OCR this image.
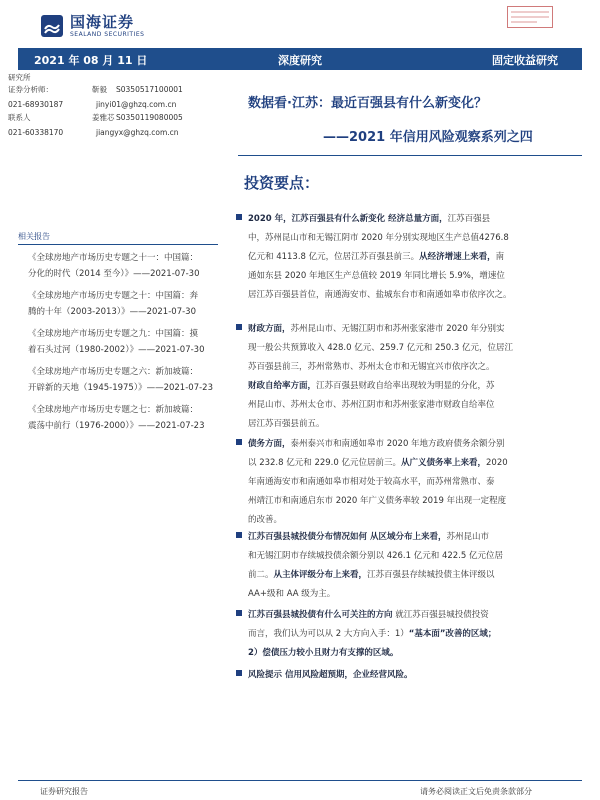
国海证券
SEALAND SECURITIES
2021 年 08 月 11 日	深度研究	固定收益研究
研究所
证券分析师：	靳毅 S0350517100001
021-68930187	jinyi01@ghzq.com.cn
联系人	姜雅芯 S0350119080005
021-60338170	jiangyx@ghzq.com.cn
数据看·江苏：最近百强县有什么新变化？
——2021 年信用风险观察系列之四
投资要点：
相关报告
《全球房地产市场历史专题之十一：中国篇：
分化的时代（2014 至今）》——2021-07-30
《全球房地产市场历史专题之十：中国篇：奔
腾的十年（2003-2013）》——2021-07-30
《全球房地产市场历史专题之九：中国篇：摸
着石头过河（1980-2002）》——2021-07-30
《全球房地产市场历史专题之六：新加坡篇：
开辟新的天地（1945-1975）》——2021-07-23
《全球房地产市场历史专题之七：新加坡篇：
震荡中前行（1976-2000）》——2021-07-23
2020 年，江苏百强县有什么新变化 经济总量方面，江苏百强县
中，苏州昆山市和无锡江阴市 2020 年分别实现地区生产总值4276.8
亿元和 4113.8 亿元，位居江苏百强县前三。从经济增速上来看，南
通如东县 2020 年地区生产总值较 2019 年同比增长 5.9%，增速位
居江苏百强县首位，南通海安市、盐城东台市和南通如皋市依序次之。
财政方面，苏州昆山市、无锡江阴市和苏州张家港市 2020 年分别实
现一般公共预算收入 428.0 亿元、259.7 亿元和 250.3 亿元，位居江
苏百强县前三，苏州常熟市、苏州太仓市和无锡宜兴市依序次之。
财政自给率方面，江苏百强县财政自给率出现较为明显的分化，苏
州昆山市、苏州太仓市、苏州江阴市和苏州张家港市财政自给率位
居江苏百强县前五。
债务方面，泰州泰兴市和南通如皋市 2020 年地方政府债务余额分别
以 232.8 亿元和 229.0 亿元位居前三。从广义债务率上来看，2020
年南通海安市和南通如皋市相对处于较高水平，而苏州常熟市、泰
州靖江市和南通启东市 2020 年广义债务率较 2019 年出现一定程度
的改善。
江苏百强县城投债分布情况如何 从区域分布上来看，苏州昆山市
和无锡江阴市存续城投债余额分别以 426.1 亿元和 422.5 亿元位居
前二。从主体评级分布上来看，江苏百强县存续城投债主体评级以
AA+级和 AA 级为主。
江苏百强县城投债有什么可关注的方向 就江苏百强县城投债投资
而言，我们认为可以从 2 大方向入手：1）“基本面”改善的区域；
2）偿债压力较小且财力有支撑的区域。
风险提示 信用风险超预期，企业经营风险。
证券研究报告	请务必阅读正文后免责条款部分
